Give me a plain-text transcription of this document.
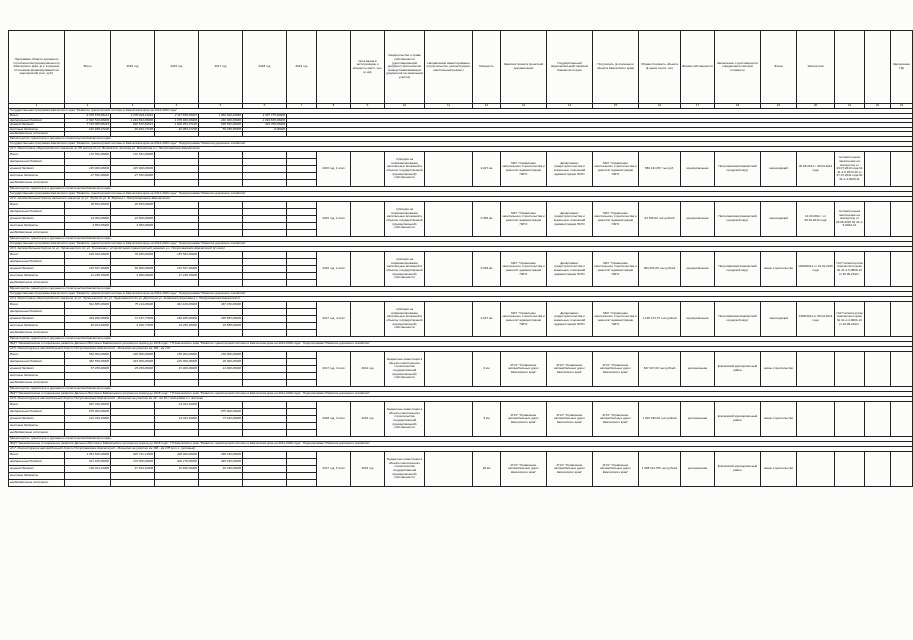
Программы области дорожного строительства (муниципального) Камчатского края, ф.к. в разрезе источников финансирования на мероприятий (тыс. руб.)	Всего	2015 год	2016 год	2017 год	2018 год	2019 год		Срок ввода в эксплуатацию и мощность (мест, тыс. м, км)	Свидетельство о праве собственности (удостоверяющий документ) (или наличие правоустанавливающих документов на земельный участок)	Направление инвестирования (строительство, реконструкция, капитальный ремонт)	Мощность	Заказчик проекта проектной документации	Государственный (муниципальный) заказчик Камчатского края	Получатель (в отношении объекта Камчатского края)	Общая стоимость объекта (в ценах соотв. лет)	Форма собственности	Заключение о достоверности определения сметной стоимости	Этапы	Экспертиза			Заключение ПД
1	2	3	4	5	6	7	8	9	10	11	12	13	14	15	16	17	18	19	20	21	22	23
Государственная программа Камчатского края "Развитие транспортной системы в Камчатском крае на 2014-2020 годы"																						
Всего	9 375 878,00141	2 270 923,11991	2 117 859,53007	1 082 640,42860	3 457 775,40806																	
федеральный бюджет	2 832 519,00000	1 244 844,00000	1 079 000,00000	292 000,00000	2 093 835,00000																	
краевой бюджет	7 710 005,00243	632 672,84521	1 000 951,27120	830 652,00000	319 768,00000																	
местные бюджеты	142 938,27100	40 404,77230	32 084,17700	50 456,95000	0,00000																	
внебюджетные источники																						
Министерство транспорта и дорожного строительства Камчатского края																						
Государственная программа Камчатского края "Развитие транспортной системы в Камчатском крае на 2014-2020 годы". Подпрограмма "Развитие дорожного хозяйства"																						
10.1. Магистраль общегородского значения по ЗП метра до ул. Вилюйской, включая ул. Вилюйская в г. Петропавловск-Камчатском																						
Всего	172 552,00000	172 552,00000					2015 год, 1 этап		субсидия на софинансирование капитальных вложений в объекты государственной (муниципальной) собственности		2,027 км	МКУ "Управление капитального строительства и ремонта" администрации ПКГО	Департамент градостроительства и земельных отношений администрации ПКГО	МКУ "Управление капитального строительства и ремонта" администрации ПКГО	586 141,657 тыс.руб.	муниципальная	Петропавловск-Камчатский городской округ	переходящий	30.08.2014 г. 09.04.2014 года	положительное заключение на экспертизу от 23.07.2010 года № 41-1-5-0073-10 от 27.07.2011 года № 41-1-4-0025-11		
федеральный бюджет																						
краевой бюджет	145 000,00000	145 000,00000																				
местные бюджеты	27 552,00000	27 552,00000																				
внебюджетные источники																						
Министерство транспорта и дорожного строительства Камчатского края																						
Государственная программа Камчатского края "Развитие транспортной системы в Камчатском крае на 2014-2020 годы". Подпрограмма "Развитие дорожного хозяйства"																						
10.2. Автомобильная дорога районного значения по ул. Труда до ул. Е. Мерка в г. Петропавловске-Камчатском																						
Всего	28 853,00000	28 853,00000					2015 год, 2 этап		субсидия на софинансирование капитальных вложений в объекты государственной (муниципальной) собственности		0,356 км	МКУ "Управление капитального строительства и ремонта" администрации ПКГО	Департамент градостроительства и земельных отношений администрации ПКГО	МКУ "Управление капитального строительства и ремонта" администрации ПКГО	94 530,00 тыс.рублей	муниципальная	Петропавловск-Камчатский городской округ	переходящий	14.03.2011 г. от 05.04.2014 года	положительное заключение на экспертизу от 26.06.2015 № 41-1-5-0042-13		
федеральный бюджет																						
краевой бюджет	24 000,00000	24 000,00000																				
местные бюджеты	4 853,00000	4 853,00000																				
внебюджетные источники																						
Министерство транспорта и дорожного строительства Камчатского края																						
Государственная программа Камчатского края "Развитие транспортной системы в Камчатском крае на 2014-2020 годы". Подпрограмма "Развитие дорожного хозяйства"																						
10.3. Автомобильная дорога по ул. Лукашевского от ул. Тушканова с устройством транспортной развязки в г. Петропавловск-Камчатский (2 этап)																						
Всего	226 043,00000	70 465,00000	155 563,00000				2016 год, 2 этап		субсидия на софинансирование капитальных вложений в объекты государственной (муниципальной) собственности		0,525 км	МКУ "Управление капитального строительства и ремонта" администрации ПКГО	Департамент градостроительства и земельных отношений администрации ПКГО	МКУ "Управление капитального строительства и ремонта" администрации ПКГО	384 253,29 тыс.рублей	муниципальная	Петропавловск-Камчатский городской округ	новое строительство	19/09/2014 от 10.01.2015 года	ГАУ Госэкспертиза Камчатского края № 41-1-5-0056-13 от 25.09.2013 г.		
федеральный бюджет																						
краевой бюджет	210 547,00000	59 000,00000	151 547,00000																			
местные бюджеты	21 236,76000	4 000,00000	17 236,76000																			
внебюджетные источники																						
Министерство транспорта и дорожного строительства Камчатского края																						
Государственная программа Камчатского края "Развитие транспортной системы в Камчатском крае на 2014-2020 годы". Подпрограмма "Развитие дорожного хозяйства"																						
10.4. Магистраль общегородского значения по ул. Лукашевского от ул. Лукашевского до ул. Дорога на ул. Академика Королёва в г. Петропавловск-Камчатский																						
Всего	541 865,00000	75 114,00000	461 100,00000	367 450,00000			2017 год, 4 этап		субсидия на софинансирование капитальных вложений в объекты государственной (муниципальной) собственности		3,027 км	МКУ "Управление капитального строительства и ремонта" администрации ПКГО	Департамент градостроительства и земельных отношений администрации ПКГО	МКУ "Управление капитального строительства и ремонта" администрации ПКГО	1 128 274,73 тыс.рублей	муниципальная	Петропавловск-Камчатский городской округ	переходящий	7465/2014 от 08.04.2014 года	ГАУ Госэкспертиза Камчатского края № 41-1-4-0091-13 от 20.09.2013 г.		
федеральный бюджет																						
краевой бюджет	494 950,00000	71 197,77000	169 935,00000	295 865,00000																		
местные бюджеты	46 914,00000	3 916,77000	23 280,30000	18 888,00000																		
внебюджетные источники																						
Министерство транспорта и дорожного строительства Камчатского края																						
ФЦП "Экономическое и социальное развитие Дальнего Востока и Байкальского региона на период до 2018 года". ГП Камчатского края "Развитие транспортной системы в Камчатском крае на 2014-2020 годы". Подпрограмма "Развитие дорожного хозяйства"																						
10.5. Реконструкция автомобильной дороги Петропавловск-Камчатский - Мильково на участке км 166 - км 172																						
Всего	552 000,00000	248 000,00000	150 000,00000	156 000,00000			2017 год, 3 этап	2014 год	бюджетные инвестиции в объекты капитального строительства государственной (муниципальной) собственности		6 км	КГКУ "Управление автомобильных дорог Камчатского края"	КГКУ "Управление автомобильных дорог Камчатского края"	КГКУ "Управление автомобильных дорог Камчатского края"	527 207,00 тыс.рублей	региональная	Елизовский муниципальный район	новое строительство				
федеральный бюджет	362 550,00000	319 000,00000	125 000,00000	20 000,00000																		
краевой бюджет	57 450,00000	28 450,00000	15 000,00000	14 000,00000																		
местные бюджеты																						
внебюджетные источники																						
Министерство транспорта и дорожного строительства Камчатского края																						
ФЦП "Экономическое и социальное развитие Дальнего Востока и Байкальского региона на период до 2018 года". ГП Камчатского края "Развитие транспортной системы в Камчатском крае на 2014-2020 годы". Подпрограмма "Развитие дорожного хозяйства"																						
10.6. Реконструкция автомобильной дороги Петропавловск-Камчатский - Мильково на участке км 10 - км 19 с подъездом к г. Елизово																						
Всего	997 333,00000		24 323,32000				2018 год, 3 этап	2016 год	бюджетные инвестиции в объекты капитального строительства государственной (муниципальной) собственности		5 км	КГКУ "Управление автомобильных дорог Камчатского края"	КГКУ "Управление автомобильных дорог Камчатского края"	КГКУ "Управление автомобильных дорог Камчатского края"	1 915 230,00 тыс.рублей	региональная	Елизовский муниципальный район	новое строительство				
федеральный бюджет	875 000,00000			875 000,00000																		
краевой бюджет	122 333,32000		24 323,32000	77 010,00000																		
местные бюджеты																						
внебюджетные источники																						
Министерство транспорта и дорожного строительства Камчатского края																						
ФЦП "Экономическое и социальное развитие Дальнего Востока и Байкальского региона на период до 2018 года". ГП Камчатского края "Развитие транспортной системы в Камчатском крае на 2014-2020 годы". Подпрограмма "Развитие дорожного хозяйства"																						
10.7. Реконструкция автомобильной дороги Петропавловск-Камчатский - Мильково на участке км 166 - км 178 (в т.ч. пусковые)																						
Всего	1 051 828,26000	325 731,14500	336 000,00000	390 190,00000			2017 год, 5 этап	2015 год	бюджетные инвестиции в объекты капитального строительства государственной (муниципальной) собственности		18 км	КГКУ "Управление автомобильных дорог Камчатского края"	КГКУ "Управление автомобильных дорог Камчатского края"	КГКУ "Управление автомобильных дорог Камчатского края"	1 058 114,755 тыс.рублей	региональная	Елизовский муниципальный район	новое строительство				
федеральный бюджет	921 910,00000	273 000,00000	303 270,00000	345 190,00000																		
краевой бюджет	130 014,10000	47 924,10000	32 690,00000	49 290,00000																		
местные бюджеты																						
внебюджетные источники																						
